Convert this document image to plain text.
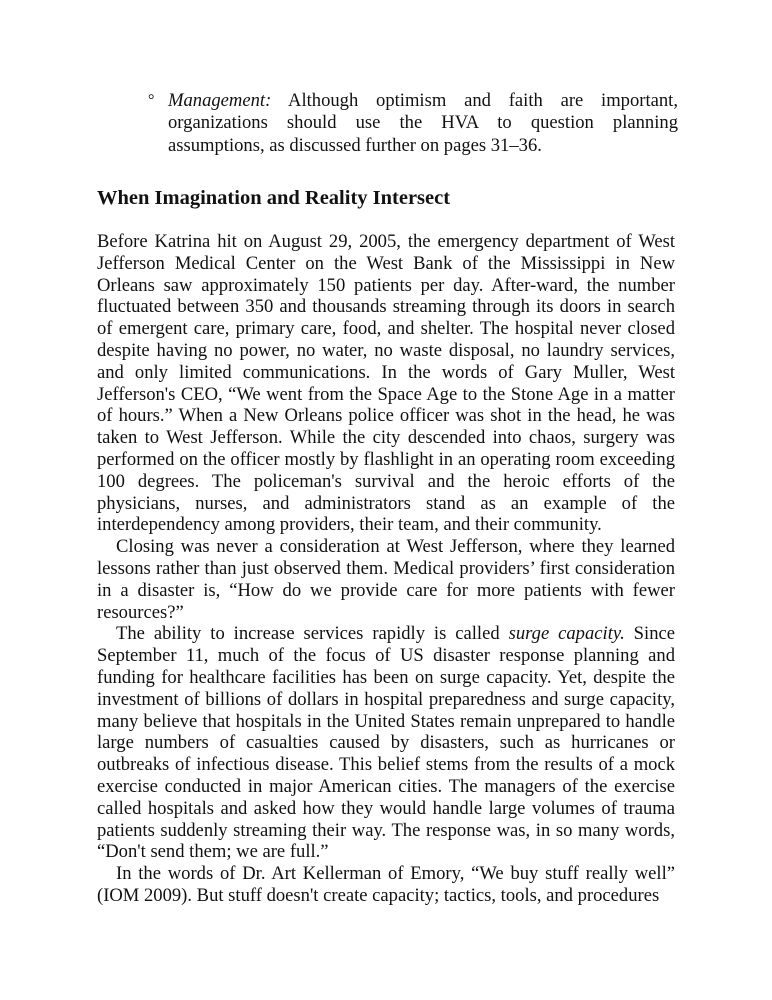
° Management: Although optimism and faith are important, organizations should use the HVA to question planning assumptions, as discussed further on pages 31–36.
When Imagination and Reality Intersect

Before Katrina hit on August 29, 2005, the emergency department of West Jefferson Medical Center on the West Bank of the Mississippi in New Orleans saw approximately 150 patients per day. After-ward, the number fluctuated between 350 and thousands streaming through its doors in search of emergent care, primary care, food, and shelter. The hospital never closed despite having no power, no water, no waste disposal, no laundry services, and only limited communications. In the words of Gary Muller, West Jefferson's CEO, “We went from the Space Age to the Stone Age in a matter of hours.” When a New Orleans police officer was shot in the head, he was taken to West Jefferson. While the city descended into chaos, surgery was performed on the officer mostly by flashlight in an operating room exceeding 100 degrees. The policeman's survival and the heroic efforts of the physicians, nurses, and administrators stand as an example of the interdependency among providers, their team, and their community.

Closing was never a consideration at West Jefferson, where they learned lessons rather than just observed them. Medical providers’ first consideration in a disaster is, “How do we provide care for more patients with fewer resources?”

The ability to increase services rapidly is called surge capacity. Since September 11, much of the focus of US disaster response planning and funding for healthcare facilities has been on surge capacity. Yet, despite the investment of billions of dollars in hospital preparedness and surge capacity, many believe that hospitals in the United States remain unprepared to handle large numbers of casualties caused by disasters, such as hurricanes or outbreaks of infectious disease. This belief stems from the results of a mock exercise conducted in major American cities. The managers of the exercise called hospitals and asked how they would handle large volumes of trauma patients suddenly streaming their way. The response was, in so many words, “Don't send them; we are full.”

In the words of Dr. Art Kellerman of Emory, “We buy stuff really well” (IOM 2009). But stuff doesn't create capacity; tactics, tools, and procedures
